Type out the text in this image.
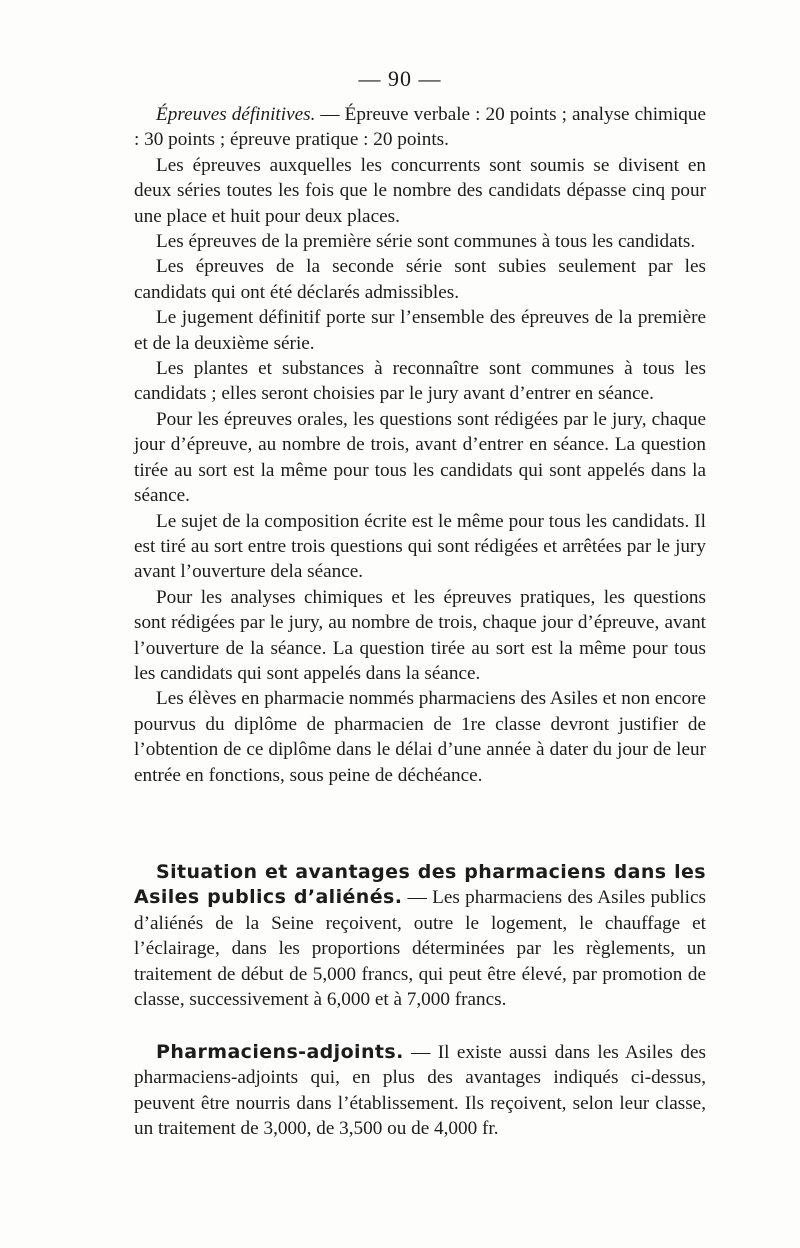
— 90 —

Épreuves définitives. — Épreuve verbale : 20 points ; analyse chimique : 30 points ; épreuve pratique : 20 points.

Les épreuves auxquelles les concurrents sont soumis se divisent en deux séries toutes les fois que le nombre des candidats dépasse cinq pour une place et huit pour deux places.

Les épreuves de la première série sont communes à tous les candidats.

Les épreuves de la seconde série sont subies seulement par les candidats qui ont été déclarés admissibles.

Le jugement définitif porte sur l’ensemble des épreuves de la première et de la deuxième série.

Les plantes et substances à reconnaître sont communes à tous les candidats ; elles seront choisies par le jury avant d’entrer en séance.

Pour les épreuves orales, les questions sont rédigées par le jury, chaque jour d’épreuve, au nombre de trois, avant d’entrer en séance. La question tirée au sort est la même pour tous les candidats qui sont appelés dans la séance.

Le sujet de la composition écrite est le même pour tous les candidats. Il est tiré au sort entre trois questions qui sont rédigées et arrêtées par le jury avant l’ouverture dela séance.

Pour les analyses chimiques et les épreuves pratiques, les questions sont rédigées par le jury, au nombre de trois, chaque jour d’épreuve, avant l’ouverture de la séance. La question tirée au sort est la même pour tous les candidats qui sont appelés dans la séance.

Les élèves en pharmacie nommés pharmaciens des Asiles et non encore pourvus du diplôme de pharmacien de 1re classe devront justifier de l’obtention de ce diplôme dans le délai d’une année à dater du jour de leur entrée en fonctions, sous peine de déchéance.

Situation et avantages des pharmaciens dans les Asiles publics d’aliénés. — Les pharmaciens des Asiles publics d’aliénés de la Seine reçoivent, outre le logement, le chauffage et l’éclairage, dans les proportions déterminées par les règlements, un traitement de début de 5,000 francs, qui peut être élevé, par promotion de classe, successivement à 6,000 et à 7,000 francs.

Pharmaciens-adjoints. — Il existe aussi dans les Asiles des pharmaciens-adjoints qui, en plus des avantages indiqués ci-dessus, peuvent être nourris dans l’établissement. Ils reçoivent, selon leur classe, un traitement de 3,000, de 3,500 ou de 4,000 fr.
